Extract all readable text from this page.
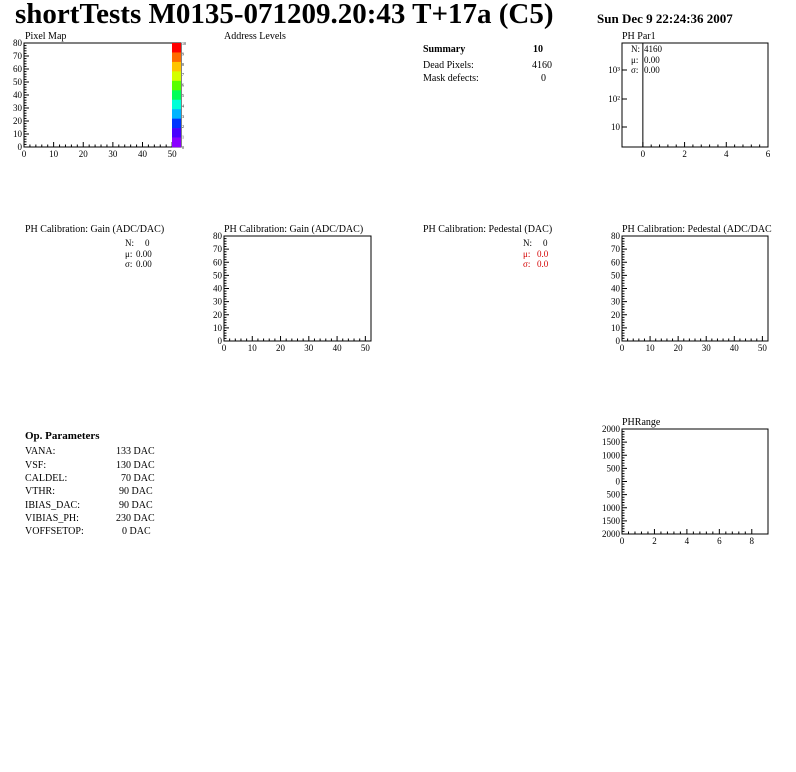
shortTests M0135-071209.20:43 T+17a (C5)	Sun Dec 9 22:24:36 2007
Pixel Map	Address Levels	PH Par1
Summary	10
Dead Pixels:	4160
Mask defects:	0
PH Calibration: Gain (ADC/DAC)	PH Calibration: Gain (ADC/DAC)	PH Calibration: Pedestal (DAC)	PH Calibration: Pedestal (ADC/DAC
N: 0
μ: 0.00
σ: 0.00
N: 0
μ: 0.0
σ: 0.0
Op. Parameters
VANA:	133 DAC
VSF:	130 DAC
CALDEL:	70 DAC
VTHR:	90 DAC
IBIAS_DAC:	90 DAC
VIBIAS_PH:	230 DAC
VOFFSETOP:	0 DAC
PHRange
N: 4160
μ: 0.00
σ: 0.00
0	10 20 30 40 50
0
10
20
30
40
50
60
70
80	10
9
8
7
6
5
4
3
2
1
0
0	2	4	6
10
10²
10³
0 10 20 30 40 50
0
10
20
30
40
50
60
70
80
0 10 20 30 40 50
0
10
20
30
40
50
60
70
80
0	2	4	6	8
2000
1500
1000
500
0
500
1000
1500
2000
